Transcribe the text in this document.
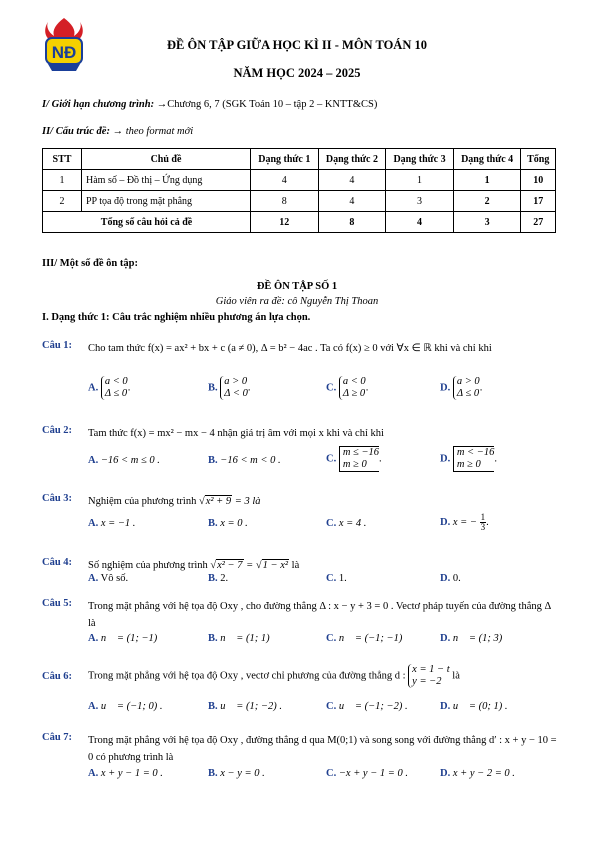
NĐ	ĐỀ ÔN TẬP GIỮA HỌC KÌ II - MÔN TOÁN 10
NĂM HỌC 2024 – 2025
I/ Giới hạn chương trình: →Chương 6, 7 (SGK Toán 10 – tập 2 – KNTT&CS)
II/ Cấu trúc đề: → theo format mới
STT	Chủ đề	Dạng thức 1	Dạng thức 2	Dạng thức 3	Dạng thức 4	Tổng
1	Hàm số – Đồ thị – Ứng dụng	4	4	1	1	10
2	PP tọa độ trong mặt phẳng	8	4	3	2	17
Tổng số câu hỏi cả đề		12	8	4	3	27
III/ Một số đề ôn tập:
ĐỀ ÔN TẬP SỐ 1
Giáo viên ra đề: cô Nguyễn Thị Thoan
I. Dạng thức 1: Câu trắc nghiệm nhiều phương án lựa chọn.
Câu 1: Cho tam thức f(x) = ax² + bx + c (a ≠ 0), Δ = b² − 4ac . Ta có f(x) ≥ 0 với ∀x ∈ ℝ khi và chỉ khi
A. a < 0
Δ ≤ 0.	B. a > 0
Δ < 0.	C. a < 0
Δ ≥ 0.	D. a > 0
Δ ≤ 0.
Câu 2: Tam thức f(x) = mx² − mx − 4 nhận giá trị âm với mọi x khi và chỉ khi
A. −16 < m ≤ 0 .	B. −16 < m < 0 .	C. m ≤ −16
m ≥ 0.	D. m < −16
m ≥ 0.
Câu 3: Nghiệm của phương trình √x² + 9 = 3 là
A. x = −1 .	B. x = 0 .	C. x = 4 .	D. x = − $\frac{1}{3}$ .
Câu 4: Số nghiệm của phương trình √x² − 7 = √1 − x² là
A. Vô số.	B. 2.	C. 1.	D. 0.
Câu 5: Trong mặt phẳng với hệ tọa độ Oxy , cho đường thẳng Δ : x − y + 3 = 0 . Vectơ pháp tuyến của đường thẳng Δ là
A. n⃗ = (1; −1)	B. n⃗ = (1; 1)	C. n⃗ = (−1; −1)	D. n⃗ = (1; 3)
Câu 6: Trong mặt phẳng với hệ tọa độ Oxy , vectơ chỉ phương của đường thẳng d : x = 1 − t
y = −2 là
A. u⃗ = (−1; 0) .	B. u⃗ = (1; −2) .	C. u⃗ = (−1; −2) .	D. u⃗ = (0; 1) .
Câu 7: Trong mặt phẳng với hệ tọa độ Oxy , đường thẳng d qua M(0;1) và song song với đường thẳng d′ : x + y − 10 = 0 có phương trình là
A. x + y − 1 = 0 .	B. x − y = 0 .	C. −x + y − 1 = 0 .	D. x + y − 2 = 0 .
